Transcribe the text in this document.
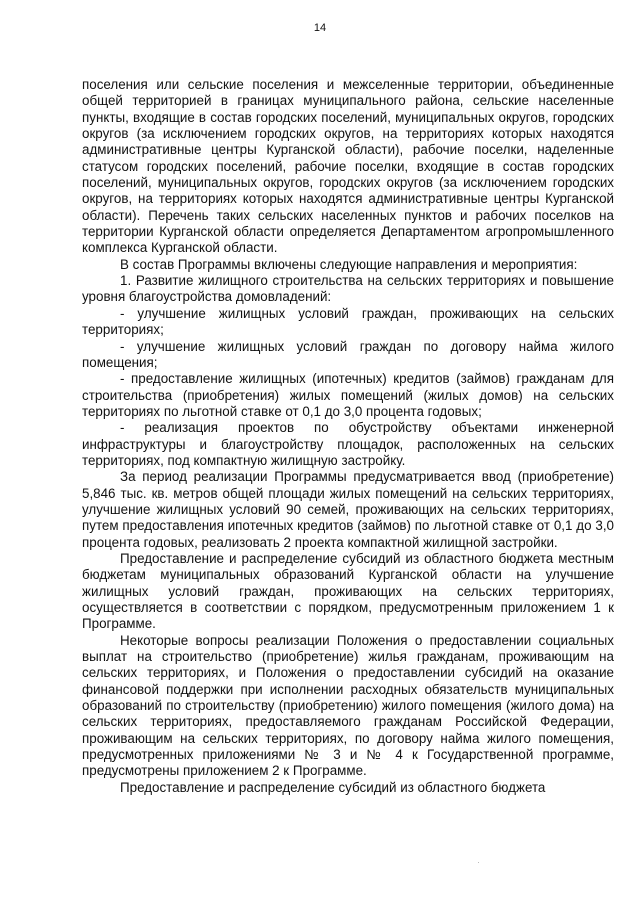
14

поселения или сельские поселения и межселенные территории, объединенные общей территорией в границах муниципального района, сельские населенные пункты, входящие в состав городских поселений, муниципальных округов, городских округов (за исключением городских округов, на территориях которых находятся административные центры Курганской области), рабочие поселки, наделенные статусом городских поселений, рабочие поселки, входящие в состав городских поселений, муниципальных округов, городских округов (за исключением городских округов, на территориях которых находятся административные центры Курганской области). Перечень таких сельских населенных пунктов и рабочих поселков на территории Курганской области определяется Департаментом агропромышленного комплекса Курганской области.

В состав Программы включены следующие направления и мероприятия:

1. Развитие жилищного строительства на сельских территориях и повышение уровня благоустройства домовладений:

- улучшение жилищных условий граждан, проживающих на сельских территориях;

- улучшение жилищных условий граждан по договору найма жилого помещения;

- предоставление жилищных (ипотечных) кредитов (займов) гражданам для строительства (приобретения) жилых помещений (жилых домов) на сельских территориях по льготной ставке от 0,1 до 3,0 процента годовых;

- реализация проектов по обустройству объектами инженерной инфраструктуры и благоустройству площадок, расположенных на сельских территориях, под компактную жилищную застройку.

За период реализации Программы предусматривается ввод (приобретение) 5,846 тыс. кв. метров общей площади жилых помещений на сельских территориях, улучшение жилищных условий 90 семей, проживающих на сельских территориях, путем предоставления ипотечных кредитов (займов) по льготной ставке от 0,1 до 3,0 процента годовых, реализовать 2 проекта компактной жилищной застройки.

Предоставление и распределение субсидий из областного бюджета местным бюджетам муниципальных образований Курганской области на улучшение жилищных условий граждан, проживающих на сельских территориях, осуществляется в соответствии с порядком, предусмотренным приложением 1 к Программе.

Некоторые вопросы реализации Положения о предоставлении социальных выплат на строительство (приобретение) жилья гражданам, проживающим на сельских территориях, и Положения о предоставлении субсидий на оказание финансовой поддержки при исполнении расходных обязательств муниципальных образований по строительству (приобретению) жилого помещения (жилого дома) на сельских территориях, предоставляемого гражданам Российской Федерации, проживающим на сельских территориях, по договору найма жилого помещения, предусмотренных приложениями № 3 и № 4 к Государственной программе, предусмотрены приложением 2 к Программе.

Предоставление и распределение субсидий из областного бюджета
